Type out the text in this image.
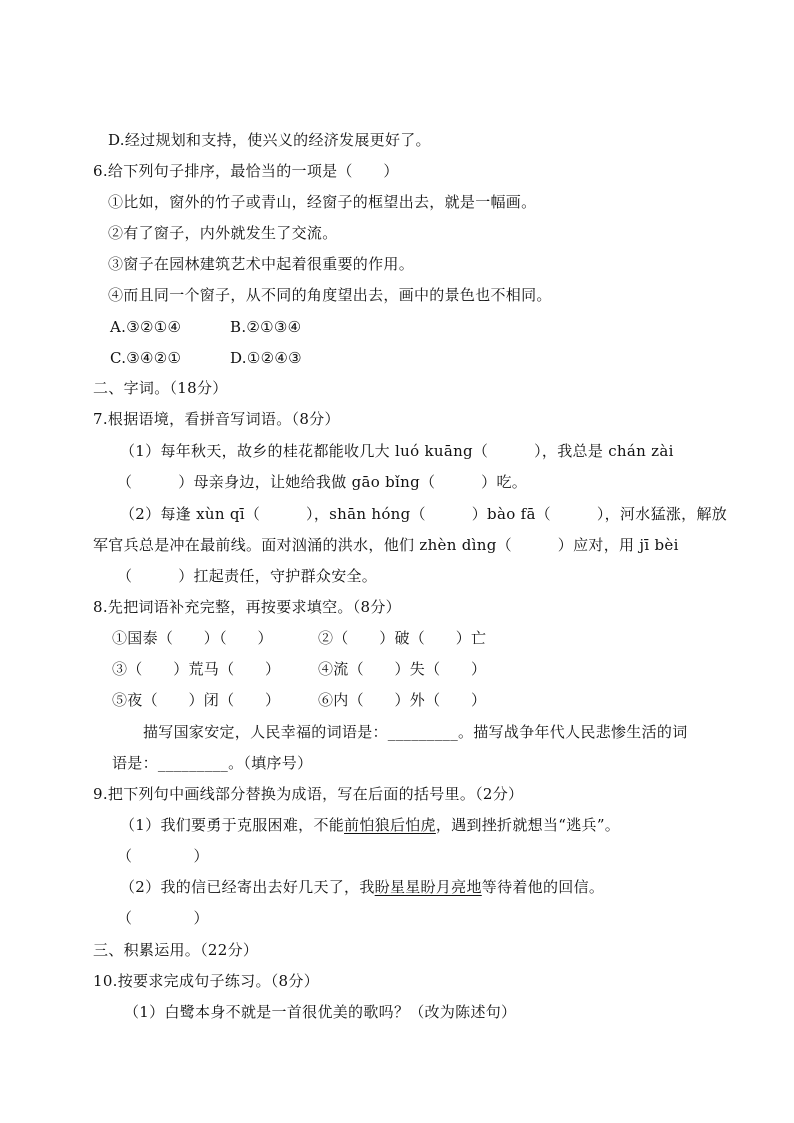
D.经过规划和支持，使兴义的经济发展更好了。
6.给下列句子排序，最恰当的一项是（　　）
①比如，窗外的竹子或青山，经窗子的框望出去，就是一幅画。
②有了窗子，内外就发生了交流。
③窗子在园林建筑艺术中起着很重要的作用。
④而且同一个窗子，从不同的角度望出去，画中的景色也不相同。
A.③②①④	B.②①③④
C.③④②①	D.①②④③
二、字词。（18分）
7.根据语境，看拼音写词语。（8分）
（1）每年秋天，故乡的桂花都能收几大 luó kuāng（　　　），我总是 chán zài
（　　　）母亲身边，让她给我做 gāo bǐng（　　　）吃。
（2）每逢 xùn qī（　　　），shān hóng（　　　）bào fā（　　　），河水猛涨，解放
军官兵总是冲在最前线。面对汹涌的洪水，他们 zhèn dìng（　　　）应对，用 jī bèi
（　　　）扛起责任，守护群众安全。
8.先把词语补充完整，再按要求填空。（8分）
①国泰（　　）（　　）	②（　　）破（　　）亡
③（　　）荒马（　　）	④流（　　）失（　　）
⑤夜（　　）闭（　　）	⑥内（　　）外（　　）
描写国家安定，人民幸福的词语是：_________。描写战争年代人民悲惨生活的词
语是：_________。（填序号）
9.把下列句中画线部分替换为成语，写在后面的括号里。（2分）
（1）我们要勇于克服困难，不能前怕狼后怕虎，遇到挫折就想当“逃兵”。
（　　　　）
（2）我的信已经寄出去好几天了，我盼星星盼月亮地等待着他的回信。
（　　　　）
三、积累运用。（22分）
10.按要求完成句子练习。（8分）
（1）白鹭本身不就是一首很优美的歌吗？（改为陈述句）
